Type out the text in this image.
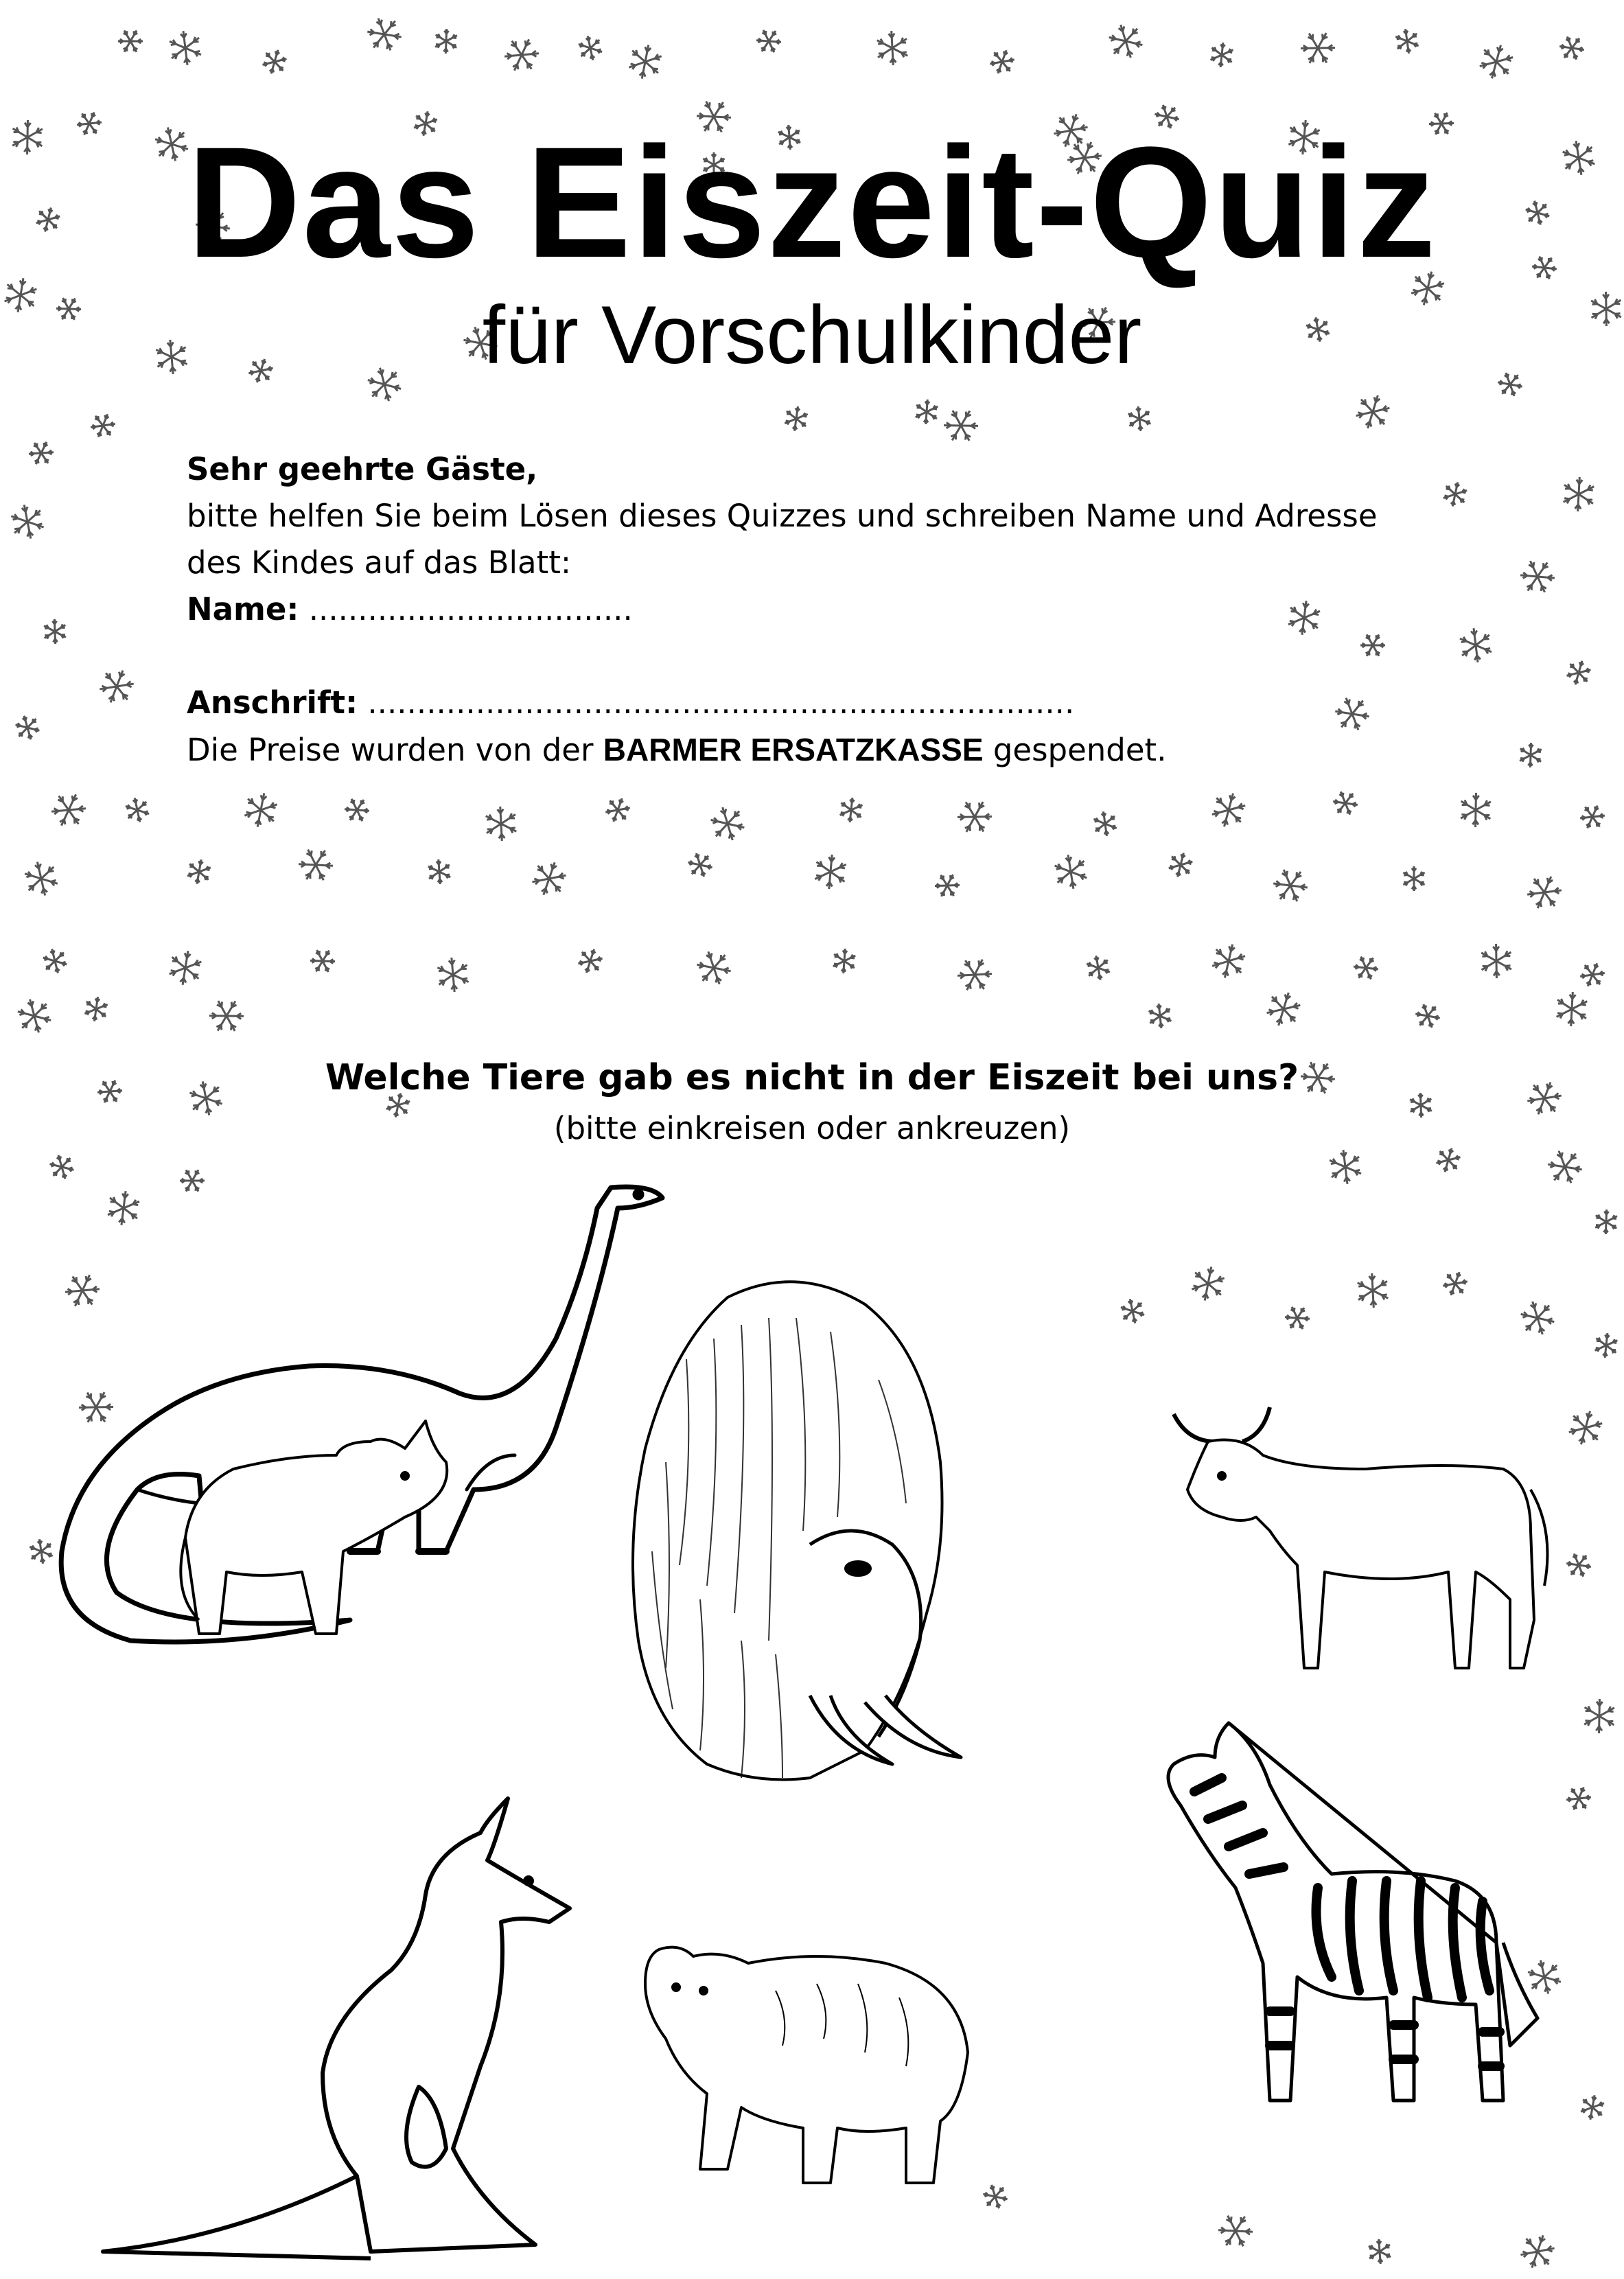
Das Eiszeit-Quiz
für Vorschulkinder
Sehr geehrte Gäste,
bitte helfen Sie beim Lösen dieses Quizzes und schreiben Name und Adresse
des Kindes auf das Blatt:
Name: .................................
Anschrift: ........................................................................
Die Preise wurden von der BARMER ERSATZKASSE gespendet.
Welche Tiere gab es nicht in der Eiszeit bei uns?
(bitte einkreisen oder ankreuzen)
